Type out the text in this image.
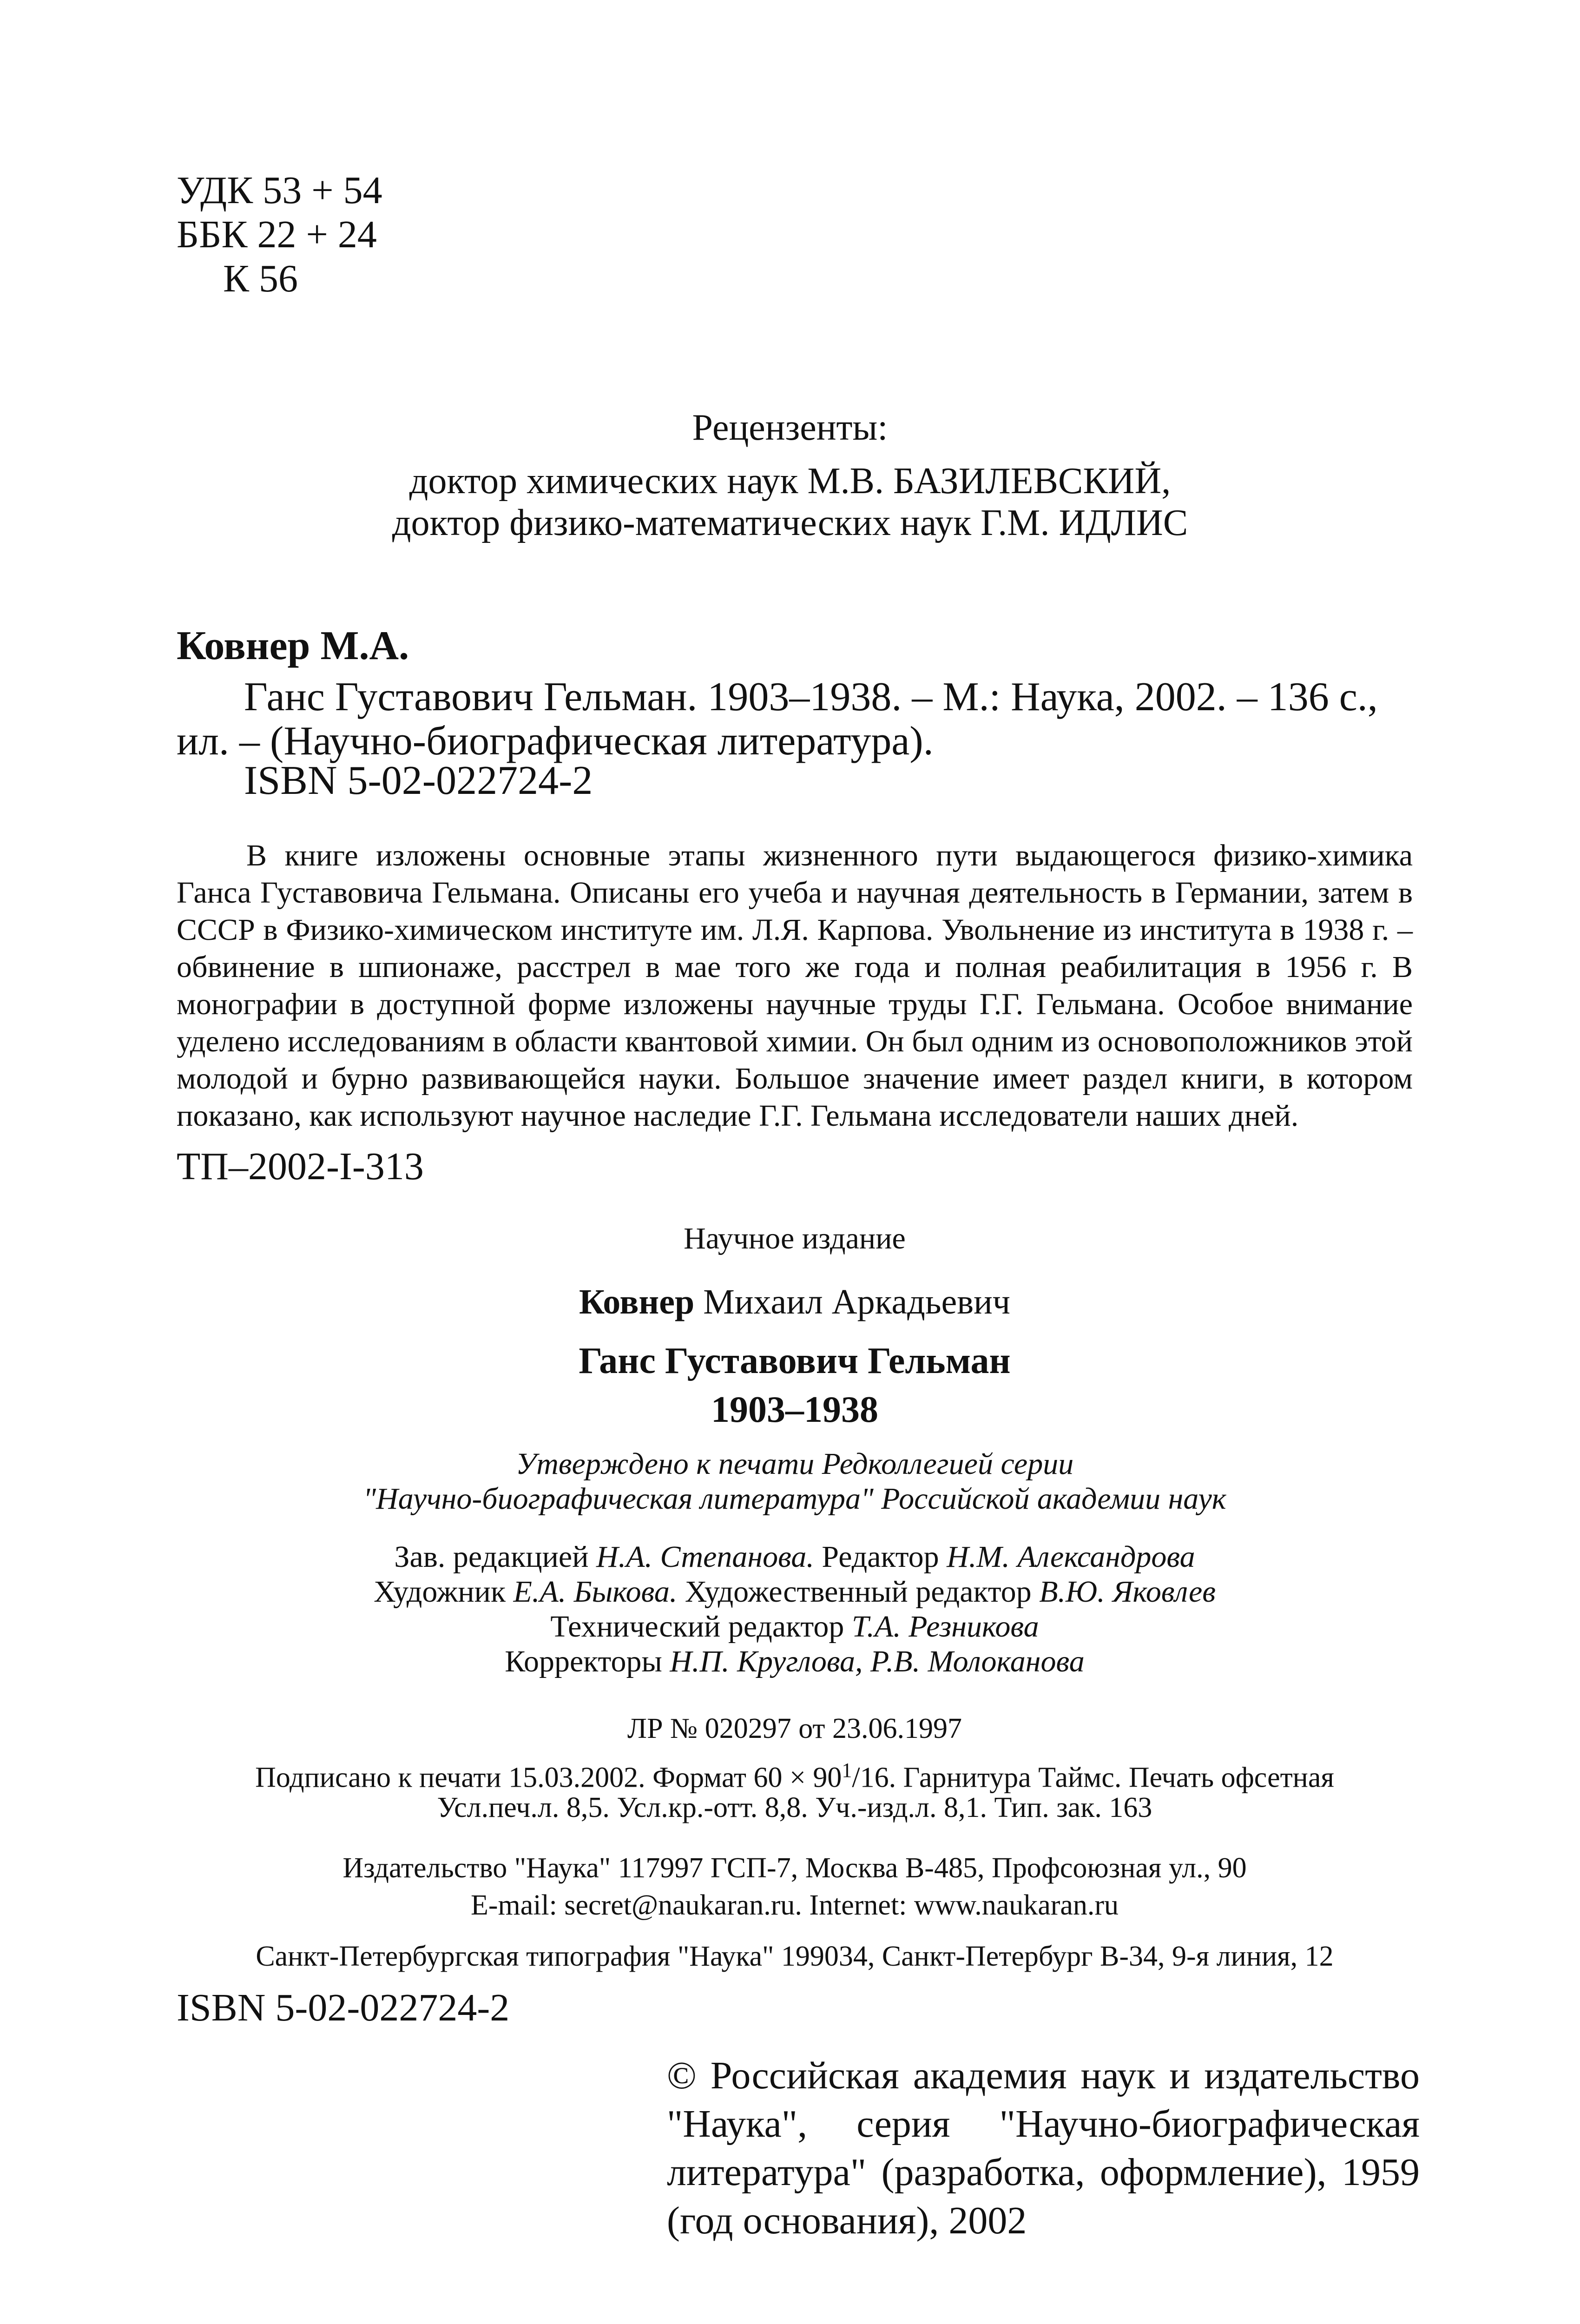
УДК 53 + 54
ББК 22 + 24
К 56
Рецензенты:
доктор химических наук М.В. БАЗИЛЕВСКИЙ,
доктор физико-математических наук Г.М. ИДЛИС
Ковнер М.А.
Ганс Густавович Гельман. 1903–1938. – М.: Наука, 2002. – 136 с.,
ил. – (Научно-биографическая литература).
ISBN 5-02-022724-2

В книге изложены основные этапы жизненного пути выдающегося физико-химика Ганса Густавовича Гельмана. Описаны его учеба и научная деятельность в Германии, затем в СССР в Физико-химическом институте им. Л.Я. Карпова. Увольнение из института в 1938 г. – обвинение в шпионаже, расстрел в мае того же года и полная реабилитация в 1956 г. В монографии в доступной форме изложены научные труды Г.Г. Гельмана. Особое внимание уделено исследованиям в области квантовой химии. Он был одним из основоположников этой молодой и бурно развивающейся науки. Большое значение имеет раздел книги, в котором показано, как используют научное наследие Г.Г. Гельмана исследователи наших дней.

ТП–2002-I-313
Научное издание
Ковнер Михаил Аркадьевич
Ганс Густавович Гельман
1903–1938
Утверждено к печати Редколлегией серии
"Научно-биографическая литература" Российской академии наук
Зав. редакцией Н.А. Степанова. Редактор Н.М. Александрова
Художник Е.А. Быкова. Художественный редактор В.Ю. Яковлев
Технический редактор Т.А. Резникова
Корректоры Н.П. Круглова, Р.В. Молоканова
ЛР № 020297 от 23.06.1997
Подписано к печати 15.03.2002. Формат $60 \times 90^1/16$. Гарнитура Таймс. Печать офсетная
Усл.печ.л. 8,5. Усл.кр.-отт. 8,8. Уч.-изд.л. 8,1. Тип. зак. 163
Издательство "Наука" 117997 ГСП-7, Москва В-485, Профсоюзная ул., 90
E-mail: secret@naukaran.ru. Internet: www.naukaran.ru
Санкт-Петербургская типография "Наука" 199034, Санкт-Петербург В-34, 9-я линия, 12
ISBN 5-02-022724-2

© Российская академия наук и издательство "Наука", серия "Научно-биографическая литература" (разработка, оформление), 1959 (год основания), 2002
